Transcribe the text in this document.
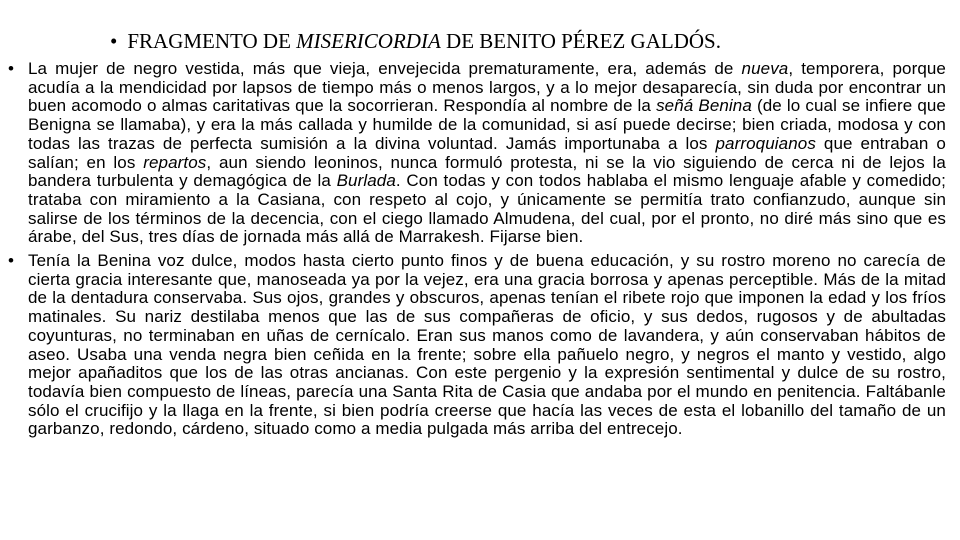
• FRAGMENTO DE MISERICORDIA DE BENITO PÉREZ GALDÓS.

• La mujer de negro vestida, más que vieja, envejecida prematuramente, era, además de nueva, temporera, porque acudía a la mendicidad por lapsos de tiempo más o menos largos, y a lo mejor desaparecía, sin duda por encontrar un buen acomodo o almas caritativas que la socorrieran. Respondía al nombre de la señá Benina (de lo cual se infiere que Benigna se llamaba), y era la más callada y humilde de la comunidad, si así puede decirse; bien criada, modosa y con todas las trazas de perfecta sumisión a la divina voluntad. Jamás importunaba a los parroquianos que entraban o salían; en los repartos, aun siendo leoninos, nunca formuló protesta, ni se la vio siguiendo de cerca ni de lejos la bandera turbulenta y demagógica de la Burlada. Con todas y con todos hablaba el mismo lenguaje afable y comedido; trataba con miramiento a la Casiana, con respeto al cojo, y únicamente se permitía trato confianzudo, aunque sin salirse de los términos de la decencia, con el ciego llamado Almudena, del cual, por el pronto, no diré más sino que es árabe, del Sus, tres días de jornada más allá de Marrakesh. Fijarse bien.

• Tenía la Benina voz dulce, modos hasta cierto punto finos y de buena educación, y su rostro moreno no carecía de cierta gracia interesante que, manoseada ya por la vejez, era una gracia borrosa y apenas perceptible. Más de la mitad de la dentadura conservaba. Sus ojos, grandes y obscuros, apenas tenían el ribete rojo que imponen la edad y los fríos matinales. Su nariz destilaba menos que las de sus compañeras de oficio, y sus dedos, rugosos y de abultadas coyunturas, no terminaban en uñas de cernícalo. Eran sus manos como de lavandera, y aún conservaban hábitos de aseo. Usaba una venda negra bien ceñida en la frente; sobre ella pañuelo negro, y negros el manto y vestido, algo mejor apañaditos que los de las otras ancianas. Con este pergenio y la expresión sentimental y dulce de su rostro, todavía bien compuesto de líneas, parecía una Santa Rita de Casia que andaba por el mundo en penitencia. Faltábanle sólo el crucifijo y la llaga en la frente, si bien podría creerse que hacía las veces de esta el lobanillo del tamaño de un garbanzo, redondo, cárdeno, situado como a media pulgada más arriba del entrecejo.
